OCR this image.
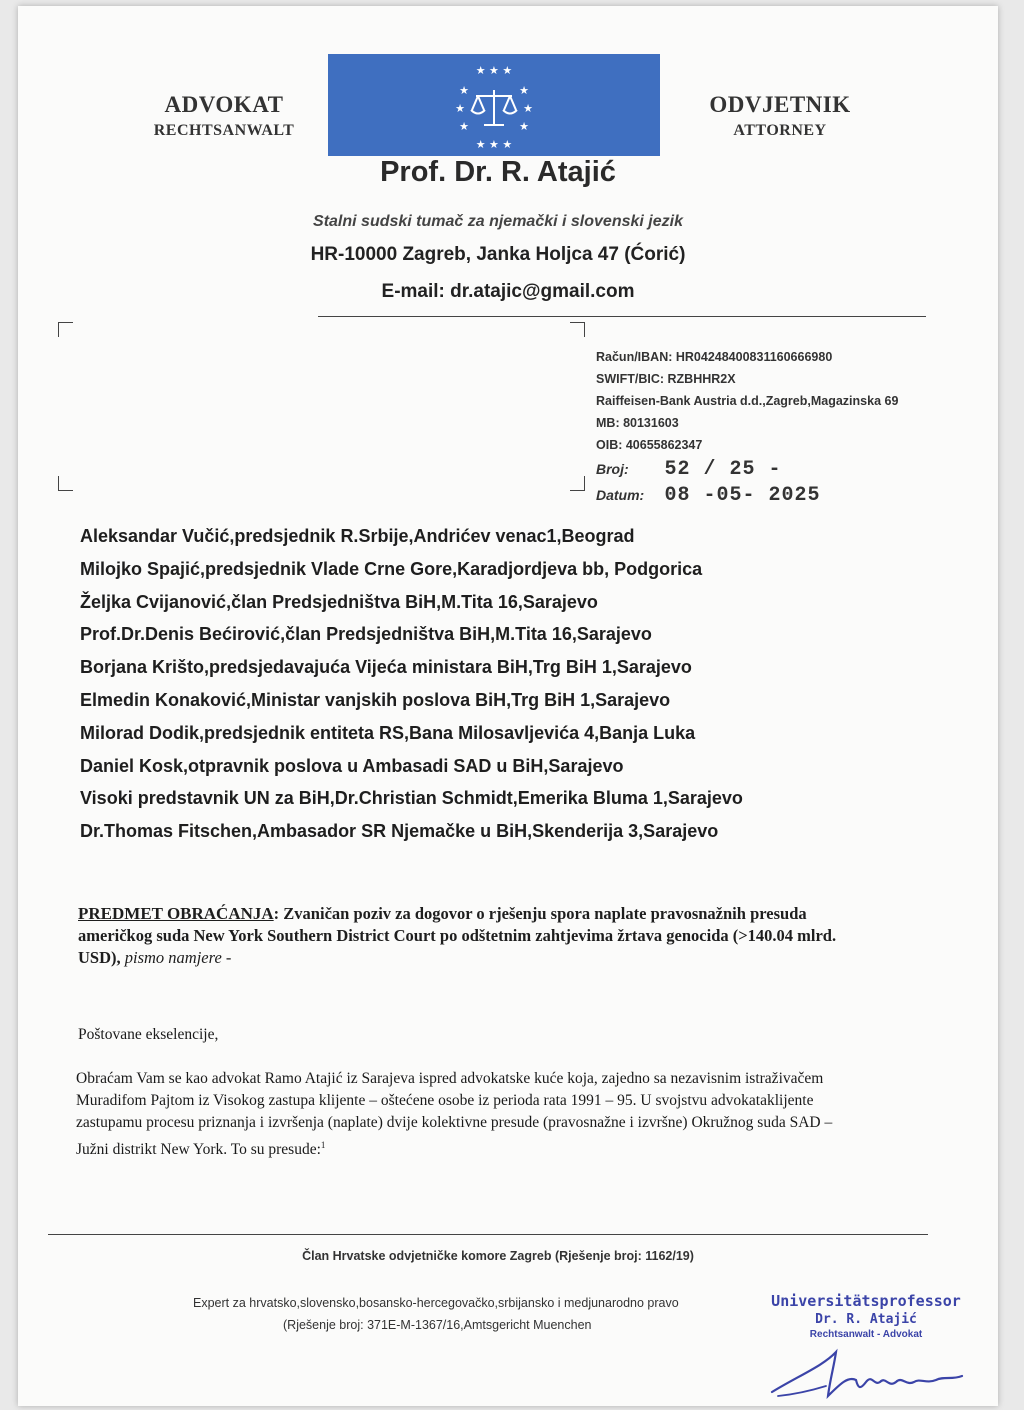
ADVOKAT
RECHTSANWALT
★ ★ ★
★	★
★	★
★	★
★ ★ ★
ODVJETNIK
ATTORNEY
Prof. Dr. R. Atajić
Stalni sudski tumač za njemački i slovenski jezik
HR-10000 Zagreb, Janka Holjca 47 (Ćorić)
E-mail: dr.atajic@gmail.com
Račun/IBAN: HR04248400831160666980
SWIFT/BIC: RZBHHR2X
Raiffeisen-Bank Austria d.d.,Zagreb,Magazinska 69
MB: 80131603
OIB: 40655862347
Broj: 52 / 25 -
Datum: 08 -05- 2025
Aleksandar Vučić,predsjednik R.Srbije,Andrićev venac1,Beograd
Milojko Spajić,predsjednik Vlade Crne Gore,Karadjordjeva bb, Podgorica
Željka Cvijanović,član Predsjedništva BiH,M.Tita 16,Sarajevo
Prof.Dr.Denis Bećirović,član Predsjedništva BiH,M.Tita 16,Sarajevo
Borjana Krišto,predsjedavajuća Vijeća ministara BiH,Trg BiH 1,Sarajevo
Elmedin Konaković,Ministar vanjskih poslova BiH,Trg BiH 1,Sarajevo
Milorad Dodik,predsjednik entiteta RS,Bana Milosavljevića 4,Banja Luka
Daniel Kosk,otpravnik poslova u Ambasadi SAD u BiH,Sarajevo
Visoki predstavnik UN za BiH,Dr.Christian Schmidt,Emerika Bluma 1,Sarajevo
Dr.Thomas Fitschen,Ambasador SR Njemačke u BiH,Skenderija 3,Sarajevo
PREDMET OBRAĆANJA: Zvaničan poziv za dogovor o rješenju spora naplate pravosnažnih presuda američkog suda New York Southern District Court po odštetnim zahtjevima žrtava genocida (>140.04 mlrd. USD), pismo namjere -
Poštovane ekselencije,
Obraćam Vam se kao advokat Ramo Atajić iz Sarajeva ispred advokatske kuće koja, zajedno sa nezavisnim istraživačem Muradifom Pajtom iz Visokog zastupa klijente – oštećene osobe iz perioda rata 1991 – 95. U svojstvu advokataklijente zastupamu procesu priznanja i izvršenja (naplate) dvije kolektivne presude (pravosnažne i izvršne) Okružnog suda SAD – Južni distrikt New York. To su presude:$^1$
Član Hrvatske odvjetničke komore Zagreb (Rješenje broj: 1162/19)
Expert za hrvatsko,slovensko,bosansko-hercegovačko,srbijansko i medjunarodno pravo
(Rješenje broj: 371E-M-1367/16,Amtsgericht Muenchen
Universitätsprofessor
Dr. R. Atajić
Rechtsanwalt - Advokat
